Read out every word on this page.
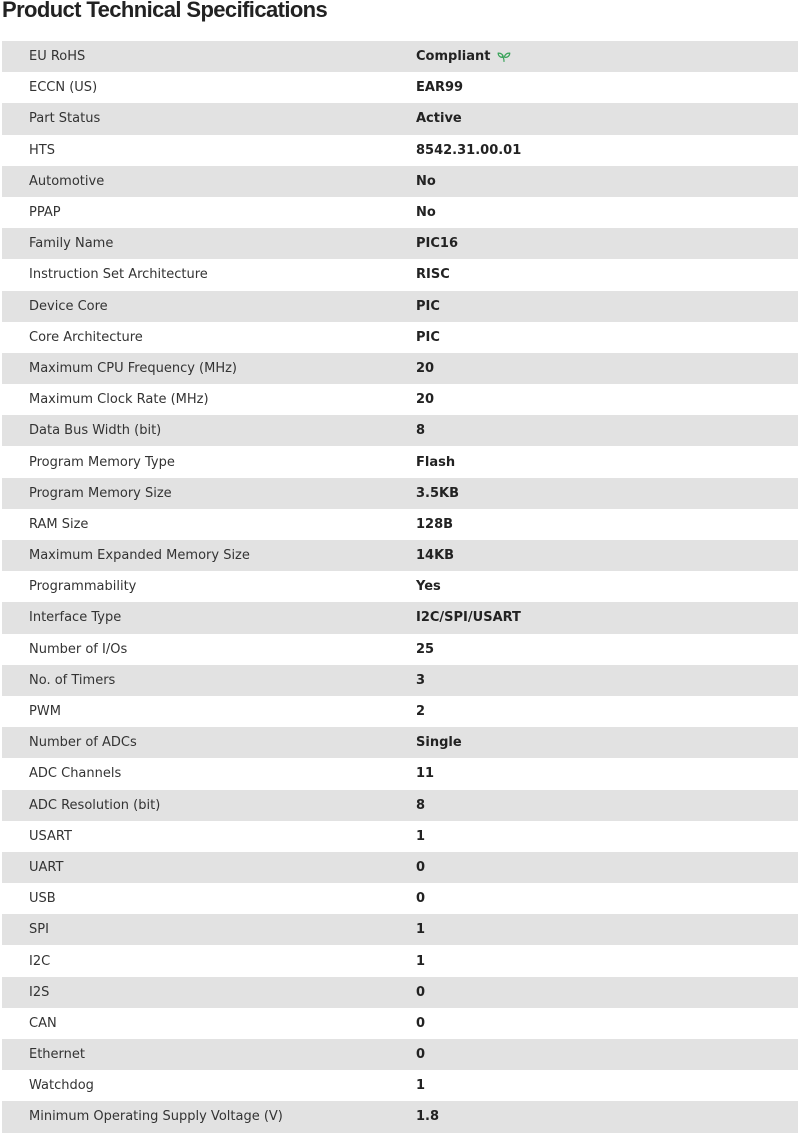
Product Technical Specifications
EU RoHS	Compliant
ECCN (US)	EAR99
Part Status	Active
HTS	8542.31.00.01
Automotive	No
PPAP	No
Family Name	PIC16
Instruction Set Architecture	RISC
Device Core	PIC
Core Architecture	PIC
Maximum CPU Frequency (MHz)	20
Maximum Clock Rate (MHz)	20
Data Bus Width (bit)	8
Program Memory Type	Flash
Program Memory Size	3.5KB
RAM Size	128B
Maximum Expanded Memory Size	14KB
Programmability	Yes
Interface Type	I2C/SPI/USART
Number of I/Os	25
No. of Timers	3
PWM	2
Number of ADCs	Single
ADC Channels	11
ADC Resolution (bit)	8
USART	1
UART	0
USB	0
SPI	1
I2C	1
I2S	0
CAN	0
Ethernet	0
Watchdog	1
Minimum Operating Supply Voltage (V)	1.8
